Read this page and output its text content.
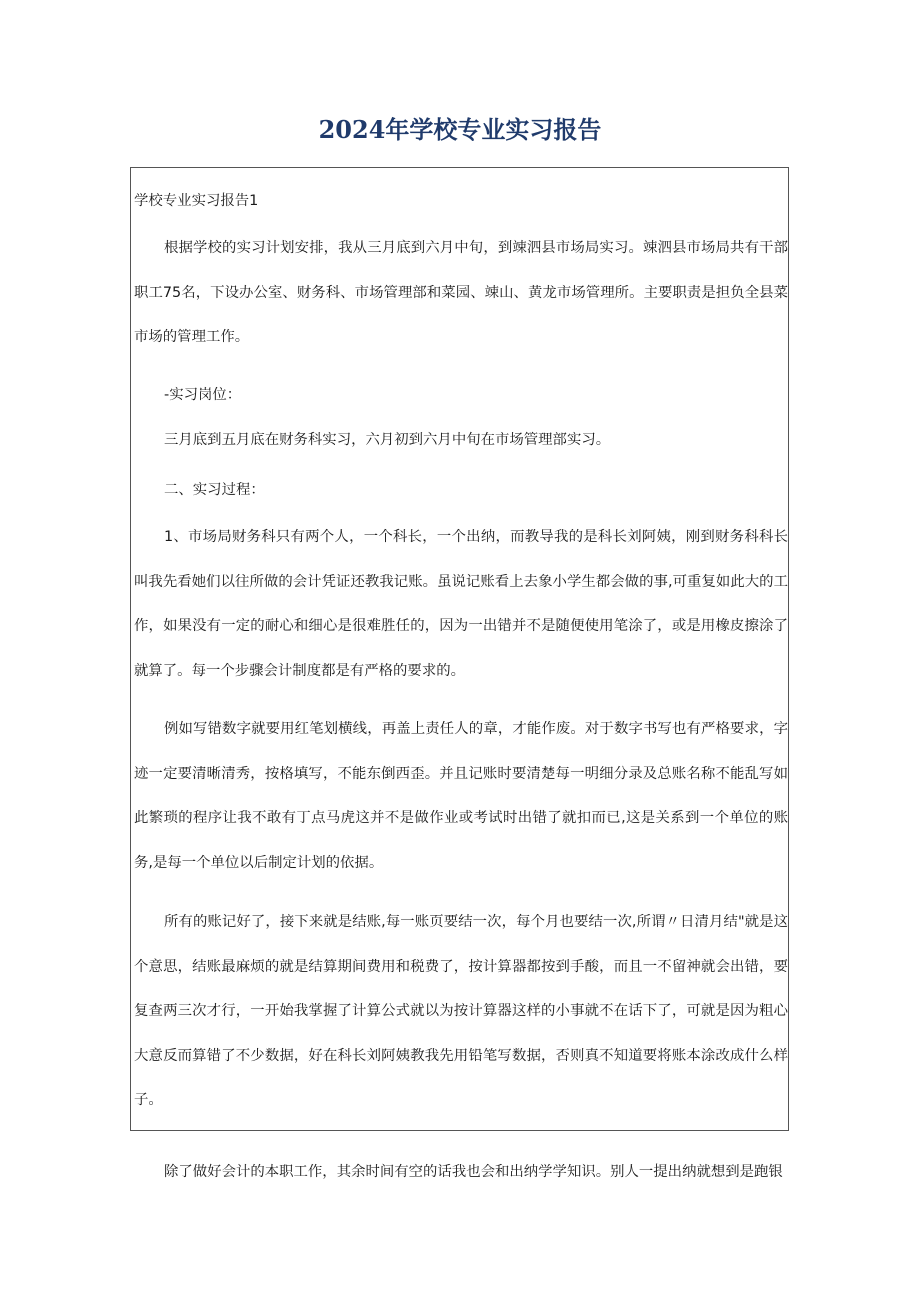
2024年学校专业实习报告

学校专业实习报告1

根据学校的实习计划安排，我从三月底到六月中旬，到竦泗县市场局实习。竦泗县市场局共有干部职工75名，下设办公室、财务科、市场管理部和菜园、竦山、黄龙市场管理所。主要职责是担负全县菜市场的管理工作。

-实习岗位：

三月底到五月底在财务科实习，六月初到六月中旬在市场管理部实习。

二、实习过程：

1、市场局财务科只有两个人，一个科长，一个出纳，而教导我的是科长刘阿姨，刚到财务科科长叫我先看她们以往所做的会计凭证还教我记账。虽说记账看上去象小学生都会做的事,可重复如此大的工作，如果没有一定的耐心和细心是很难胜任的，因为一出错并不是随便使用笔涂了，或是用橡皮擦涂了就算了。每一个步骤会计制度都是有严格的要求的。

例如写错数字就要用红笔划横线，再盖上责任人的章，才能作废。对于数字书写也有严格要求，字迹一定要清晰清秀，按格填写，不能东倒西歪。并且记账时要清楚每一明细分录及总账名称不能乱写如此繁琐的程序让我不敢有丁点马虎这并不是做作业或考试时出错了就扣而已,这是关系到一个单位的账务,是每一个单位以后制定计划的依据。

所有的账记好了，接下来就是结账,每一账页要结一次，每个月也要结一次,所谓〃日清月结"就是这个意思，结账最麻烦的就是结算期间费用和税费了，按计算器都按到手酸，而且一不留神就会出错，要复查两三次才行，一开始我掌握了计算公式就以为按计算器这样的小事就不在话下了，可就是因为粗心大意反而算错了不少数据，好在科长刘阿姨教我先用铅笔写数据，否则真不知道要将账本涂改成什么样子。

除了做好会计的本职工作，其余时间有空的话我也会和出纳学学知识。别人一提出纳就想到是跑银
